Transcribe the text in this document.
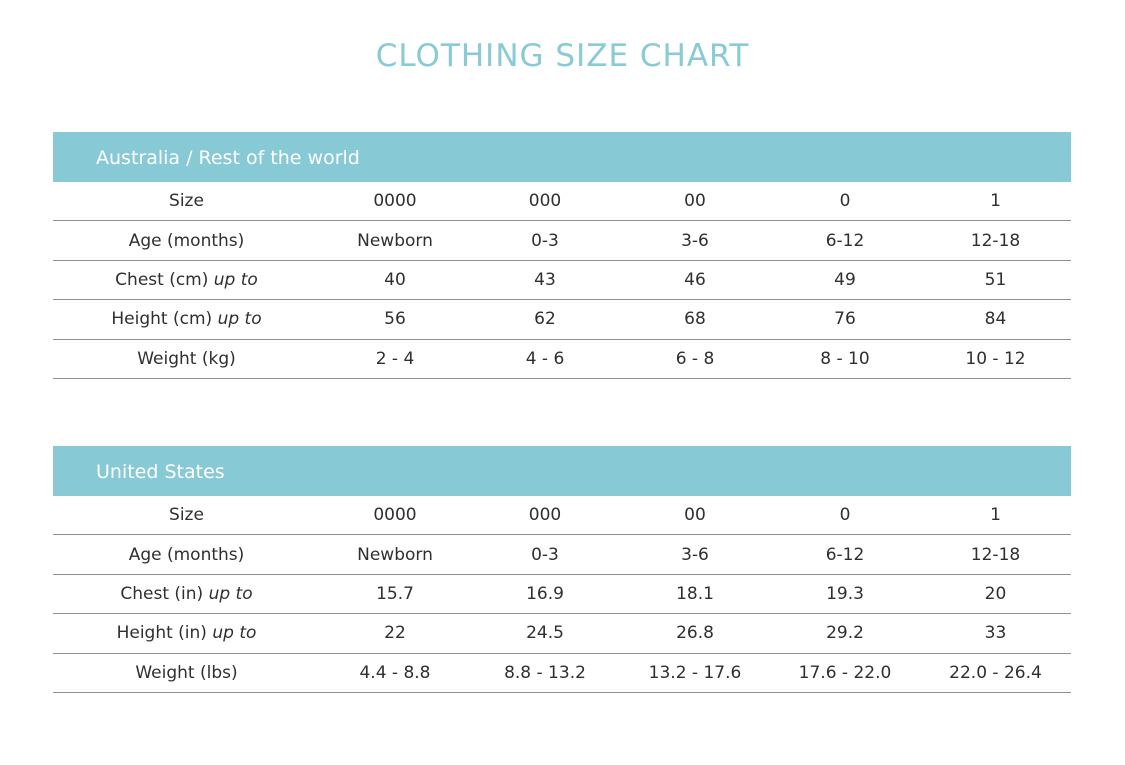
CLOTHING SIZE CHART
Australia / Rest of the world
Size	0000	000	00	0	1
Age (months)	Newborn	0-3	3-6	6-12	12-18
Chest (cm) up to	40	43	46	49	51
Height (cm) up to	56	62	68	76	84
Weight (kg)	2 - 4	4 - 6	6 - 8	8 - 10	10 - 12
United States
Size	0000	000	00	0	1
Age (months)	Newborn	0-3	3-6	6-12	12-18
Chest (in) up to	15.7	16.9	18.1	19.3	20
Height (in) up to	22	24.5	26.8	29.2	33
Weight (lbs)	4.4 - 8.8	8.8 - 13.2	13.2 - 17.6	17.6 - 22.0	22.0 - 26.4
